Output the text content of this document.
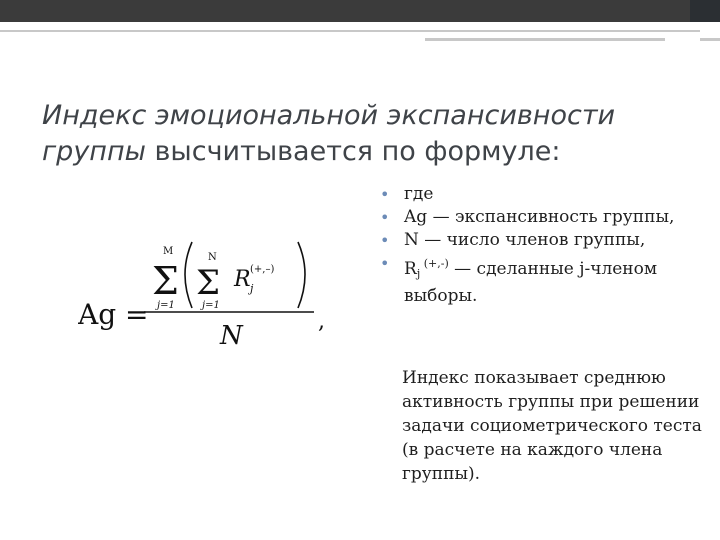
Индекс эмоциональной экспансивности группы высчитывается по формуле:
Ag =
M
Σ
j=1
N
Σ
j=1
R (+,–)
j
N	,
• где
• Ag — экспансивность группы,
• N — число членов группы,
• $R_j$ (+,-) — сделанные j-членом выборы.
Индекс показывает среднюю активность группы при решении задачи социометрического теста (в расчете на каждого члена группы).
